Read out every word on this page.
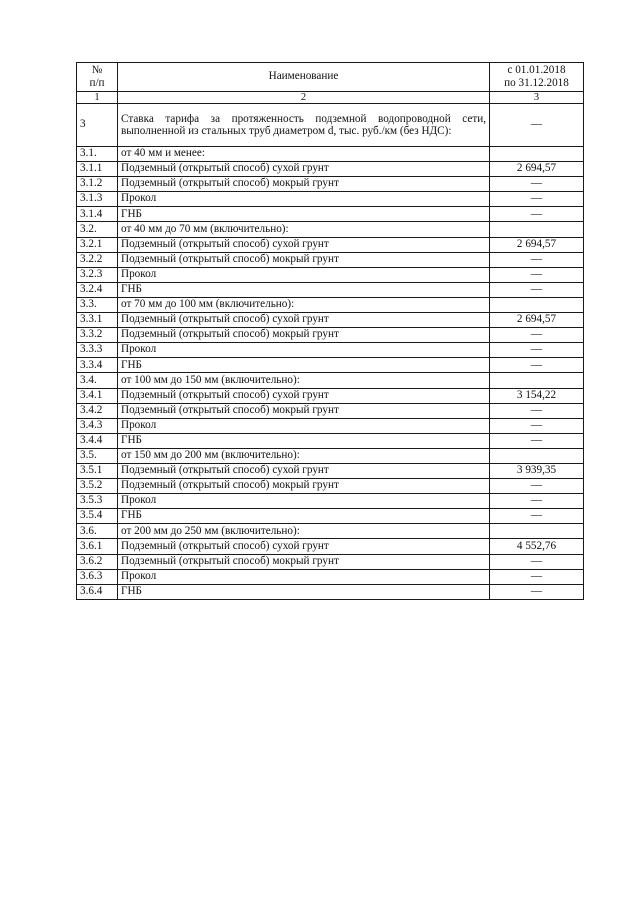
№
п/п	Наименование	с 01.01.2018
по 31.12.2018
1	2	3
3	Ставка тарифа за протяженность подземной водопроводной сети, выполненной из стальных труб диаметром d, тыс. руб./км (без НДС):	—
3.1.	от 40 мм и менее:	
3.1.1	Подземный (открытый способ) сухой грунт	2 694,57
3.1.2	Подземный (открытый способ) мокрый грунт	—
3.1.3	Прокол	—
3.1.4	ГНБ	—
3.2.	от 40 мм до 70 мм (включительно):	
3.2.1	Подземный (открытый способ) сухой грунт	2 694,57
3.2.2	Подземный (открытый способ) мокрый грунт	—
3.2.3	Прокол	—
3.2.4	ГНБ	—
3.3.	от 70 мм до 100 мм (включительно):	
3.3.1	Подземный (открытый способ) сухой грунт	2 694,57
3.3.2	Подземный (открытый способ) мокрый грунт	—
3.3.3	Прокол	—
3.3.4	ГНБ	—
3.4.	от 100 мм до 150 мм (включительно):	
3.4.1	Подземный (открытый способ) сухой грунт	3 154,22
3.4.2	Подземный (открытый способ) мокрый грунт	—
3.4.3	Прокол	—
3.4.4	ГНБ	—
3.5.	от 150 мм до 200 мм (включительно):	
3.5.1	Подземный (открытый способ) сухой грунт	3 939,35
3.5.2	Подземный (открытый способ) мокрый грунт	—
3.5.3	Прокол	—
3.5.4	ГНБ	—
3.6.	от 200 мм до 250 мм (включительно):	
3.6.1	Подземный (открытый способ) сухой грунт	4 552,76
3.6.2	Подземный (открытый способ) мокрый грунт	—
3.6.3	Прокол	—
3.6.4	ГНБ	—
